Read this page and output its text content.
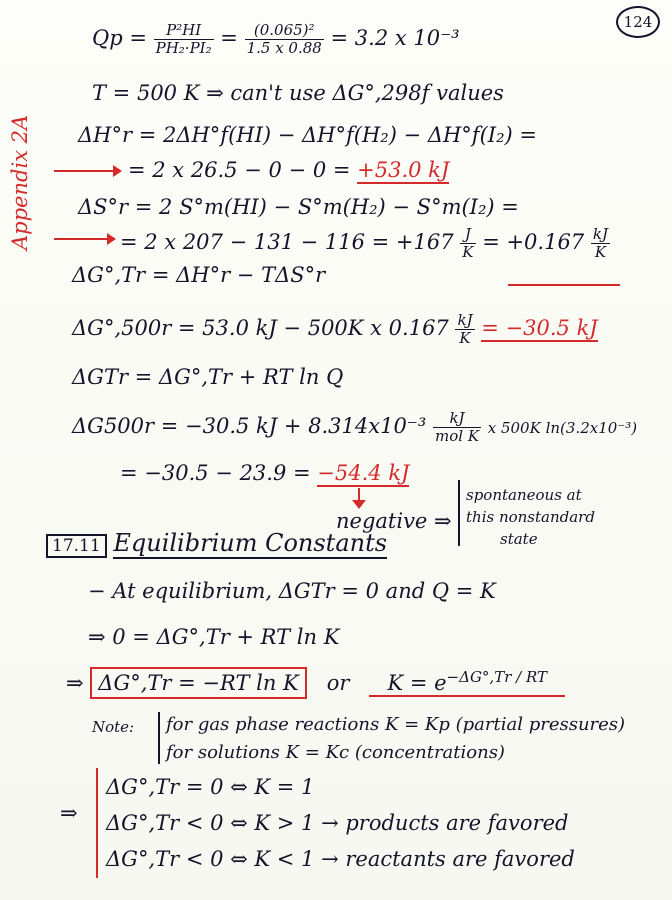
124
Appendix 2A
$Qp = \frac{\text{P²HI}}{\text{PH₂·PI₂}} = \frac{\text{(0.065)²}}{1.5 x 0.88} = 3.2$ x 10⁻³
T = 500 K ⇒ can't use ΔG°,298f values
ΔH°r = 2ΔH°f(HI) − ΔH°f(H₂) − ΔH°f(I₂) =
= 2 x 26.5 − 0 − 0 = +53.0 kJ
ΔS°r = 2 S°m(HI) − S°m(H₂) − S°m(I₂) =
= 2 x $207 - 131 - 116 = +167 \frac{J}{K} = +0.167 \frac{kJ}{K}$
ΔG°,Tr = ΔH°r − TΔS°r
ΔG°,500r = 53.0 kJ − 500K x $0.167 \frac{kJ}{K} = -30.5$ kJ
ΔGTr = ΔG°,Tr + RT ln Q
ΔG500r = −30.5 kJ + $8.314x10^{-3} \frac{kJ}{\text{mol K}}$ x 500K ln(3.2x10⁻³)
= −30.5 − 23.9 = −54.4 kJ
negative ⇒
spontaneous at
this nonstandard
state
17.11 Equilibrium Constants
− At equilibrium, ΔGTr = 0 and Q = K
⇒ 0 = ΔG°,Tr + RT ln K
⇒ ΔG°,Tr = −RT ln K or $K = e^{-\Delta G^\circ,Tr / RT}$
Note: for gas phase reactions K = Kp (partial pressures)
for solutions K = Kc (concentrations)
⇒
ΔG°,Tr = 0 ⇔ K = 1
ΔG°,Tr < 0 ⇔ K > 1 → products are favored
ΔG°,Tr < 0 ⇔ K < 1 → reactants are favored
